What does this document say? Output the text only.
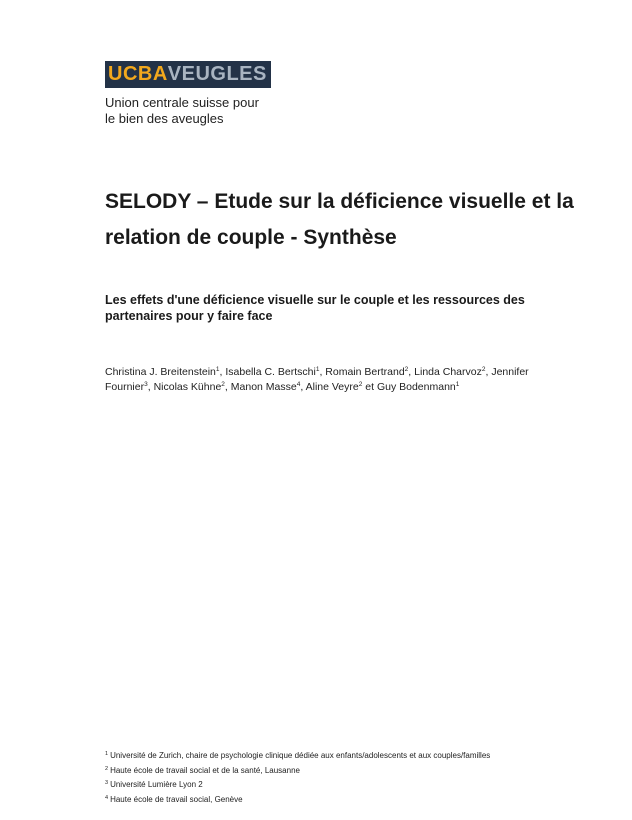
UCBA VEUGLES
Union centrale suisse pour
le bien des aveugles
SELODY – Etude sur la déficience visuelle et la relation de couple - Synthèse
Les effets d'une déficience visuelle sur le couple et les ressources des partenaires pour y faire face
Christina J. Breitenstein$^1$, Isabella C. Bertschi$^1$, Romain Bertrand$^2$, Linda Charvoz$^2$, Jennifer Fournier$^3$, Nicolas Kühne$^2$, Manon Masse$^4$, Aline Veyre$^2$ et Guy Bodenmann$^1$
$^1$ Université de Zurich, chaire de psychologie clinique dédiée aux enfants/adolescents et aux couples/familles
$^2$ Haute école de travail social et de la santé, Lausanne
$^3$ Université Lumière Lyon 2
$^4$ Haute école de travail social, Genève
